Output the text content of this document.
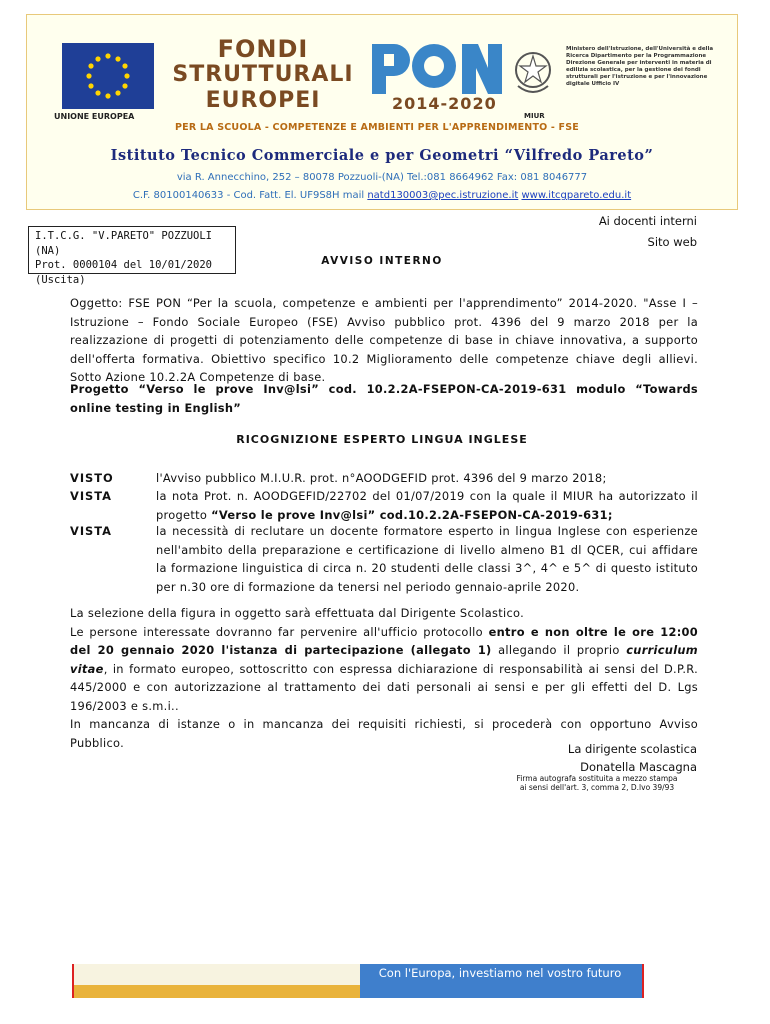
UNIONE EUROPEA
FONDI
STRUTTURALI
EUROPEI	2014-2020
MIUR
Ministero dell'Istruzione, dell'Università e della Ricerca Dipartimento per la Programmazione Direzione Generale per interventi in materia di edilizia scolastica, per la gestione dei fondi strutturali per l'istruzione e per l'innovazione digitale Ufficio IV
PER LA SCUOLA - COMPETENZE E AMBIENTI PER L'APPRENDIMENTO - FSE
Istituto Tecnico Commerciale e per Geometri “Vilfredo Pareto”
via R. Annecchino, 252 – 80078 Pozzuoli-(NA) Tel.:081 8664962 Fax: 081 8046777
C.F. 80100140633 - Cod. Fatt. El. UF9S8H mail natd130003@pec.istruzione.it www.itcgpareto.edu.it
I.T.C.G. "V.PARETO" POZZUOLI (NA)
Prot. 0000104 del 10/01/2020
(Uscita)
Ai docenti interni
Sito web
AVVISO INTERNO
Oggetto: FSE PON “Per la scuola, competenze e ambienti per l'apprendimento” 2014-2020. "Asse I – Istruzione – Fondo Sociale Europeo (FSE) Avviso pubblico prot. 4396 del 9 marzo 2018 per la realizzazione di progetti di potenziamento delle competenze di base in chiave innovativa, a supporto dell'offerta formativa. Obiettivo specifico 10.2 Miglioramento delle competenze chiave degli allievi. Sotto Azione 10.2.2A Competenze di base.
Progetto “Verso le prove Inv@lsi” cod. 10.2.2A-FSEPON-CA-2019-631 modulo “Towards online testing in English”
RICOGNIZIONE ESPERTO LINGUA INGLESE
VISTO	l'Avviso pubblico M.I.U.R. prot. n°AOODGEFID prot. 4396 del 9 marzo 2018;
VISTA	la nota Prot. n. AOODGEFID/22702 del 01/07/2019 con la quale il MIUR ha autorizzato il progetto “Verso le prove Inv@lsi” cod.10.2.2A-FSEPON-CA-2019-631;
VISTA	la necessità di reclutare un docente formatore esperto in lingua Inglese con esperienze nell'ambito della preparazione e certificazione di livello almeno B1 dl QCER, cui affidare la formazione linguistica di circa n. 20 studenti delle classi 3^, 4^ e 5^ di questo istituto per n.30 ore di formazione da tenersi nel periodo gennaio-aprile 2020.
La selezione della figura in oggetto sarà effettuata dal Dirigente Scolastico.
Le persone interessate dovranno far pervenire all'ufficio protocollo entro e non oltre le ore 12:00 del 20 gennaio 2020 l'istanza di partecipazione (allegato 1) allegando il proprio curriculum vitae, in formato europeo, sottoscritto con espressa dichiarazione di responsabilità ai sensi del D.P.R. 445/2000 e con autorizzazione al trattamento dei dati personali ai sensi e per gli effetti del D. Lgs 196/2003 e s.m.i..
In mancanza di istanze o in mancanza dei requisiti richiesti, si procederà con opportuno Avviso Pubblico.	La dirigente scolastica
Donatella Mascagna
Firma autografa sostituita a mezzo stampa
ai sensi dell'art. 3, comma 2, D.lvo 39/93
Con l'Europa, investiamo nel vostro futuro
